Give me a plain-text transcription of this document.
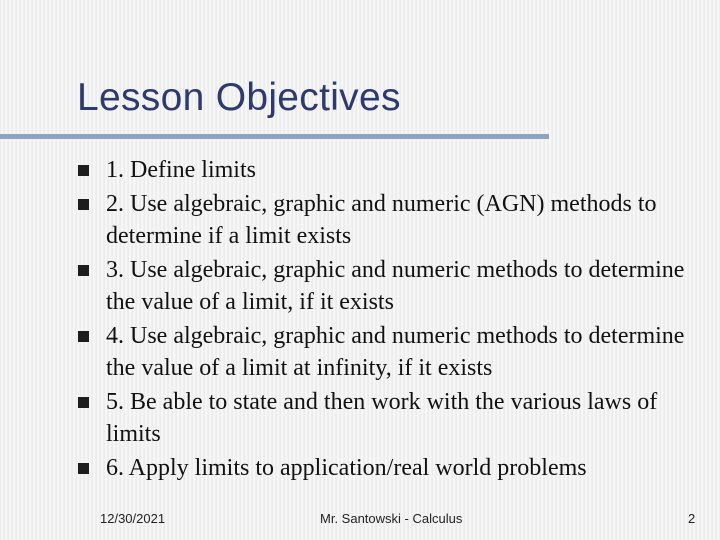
Lesson Objectives
1. Define limits
2. Use algebraic, graphic and numeric (AGN) methods to determine if a limit exists
3. Use algebraic, graphic and numeric methods to determine the value of a limit, if it exists
4. Use algebraic, graphic and numeric methods to determine the value of a limit at infinity, if it exists
5. Be able to state and then work with the various laws of limits
6. Apply limits to application/real world problems
12/30/2021	Mr. Santowski - Calculus	2
